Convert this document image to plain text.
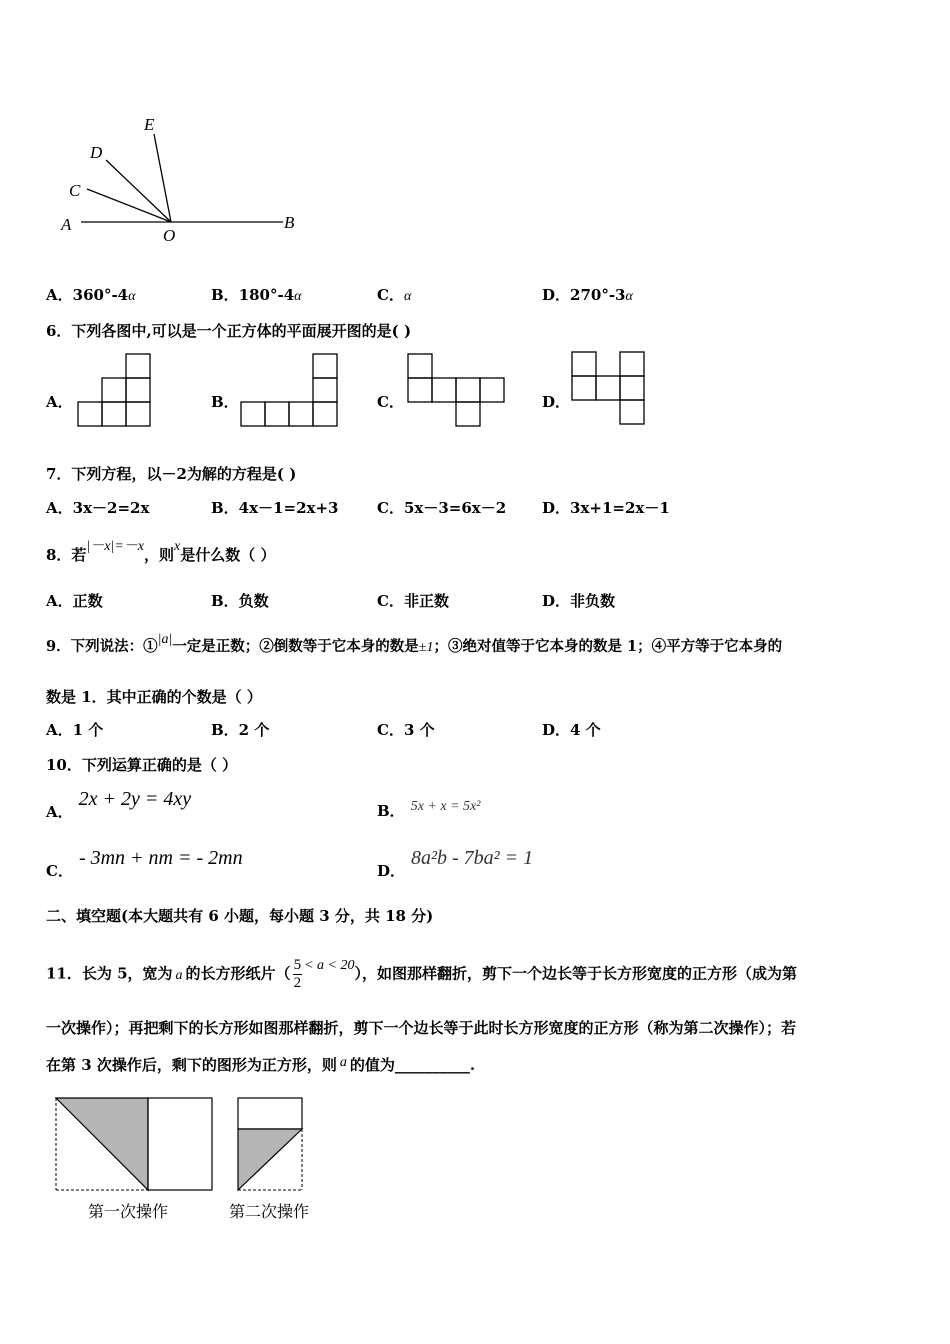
E
D
C
A
O
B
A．360°-4α	B．180°-4α	C．α	D．270°-3α
6．下列各图中,可以是一个正方体的平面展开图的是( )
A．	B．	C．	D．
7．下列方程，以－2为解的方程是( )
A．3x－2=2x	B．4x－1=2x+3	C．5x－3=6x－2 D．3x+1=2x－1
8．若|－x|=－x，则x是什么数（ ）
A．正数	B．负数	C．非正数	D．非负数
9．下列说法：①|a|一定是正数；②倒数等于它本身的数是±1；③绝对值等于它本身的数是 1；④平方等于它本身的
数是 1．其中正确的个数是（ ）
A．1 个	B．2 个	C．3 个	D．4 个
10．下列运算正确的是（ ）
A．2x + 2y = 4xy
B． 5x + x = 5x²
C．- 3mn + nm = - 2mn
D．8a²b - 7ba² = 1
二、填空题(本大题共有 6 小题，每小题 3 分，共 18 分)
11．长为 5，宽为 a 的长方形纸片（ $\frac{5}{2} < a < 20$），如图那样翻折，剪下一个边长等于长方形宽度的正方形（成为第
一次操作）；再把剩下的长方形如图那样翻折，剪下一个边长等于此时长方形宽度的正方形（称为第二次操作）；若
在第 3 次操作后，剩下的图形为正方形，则 a 的值为__________.
第一次操作	第二次操作
